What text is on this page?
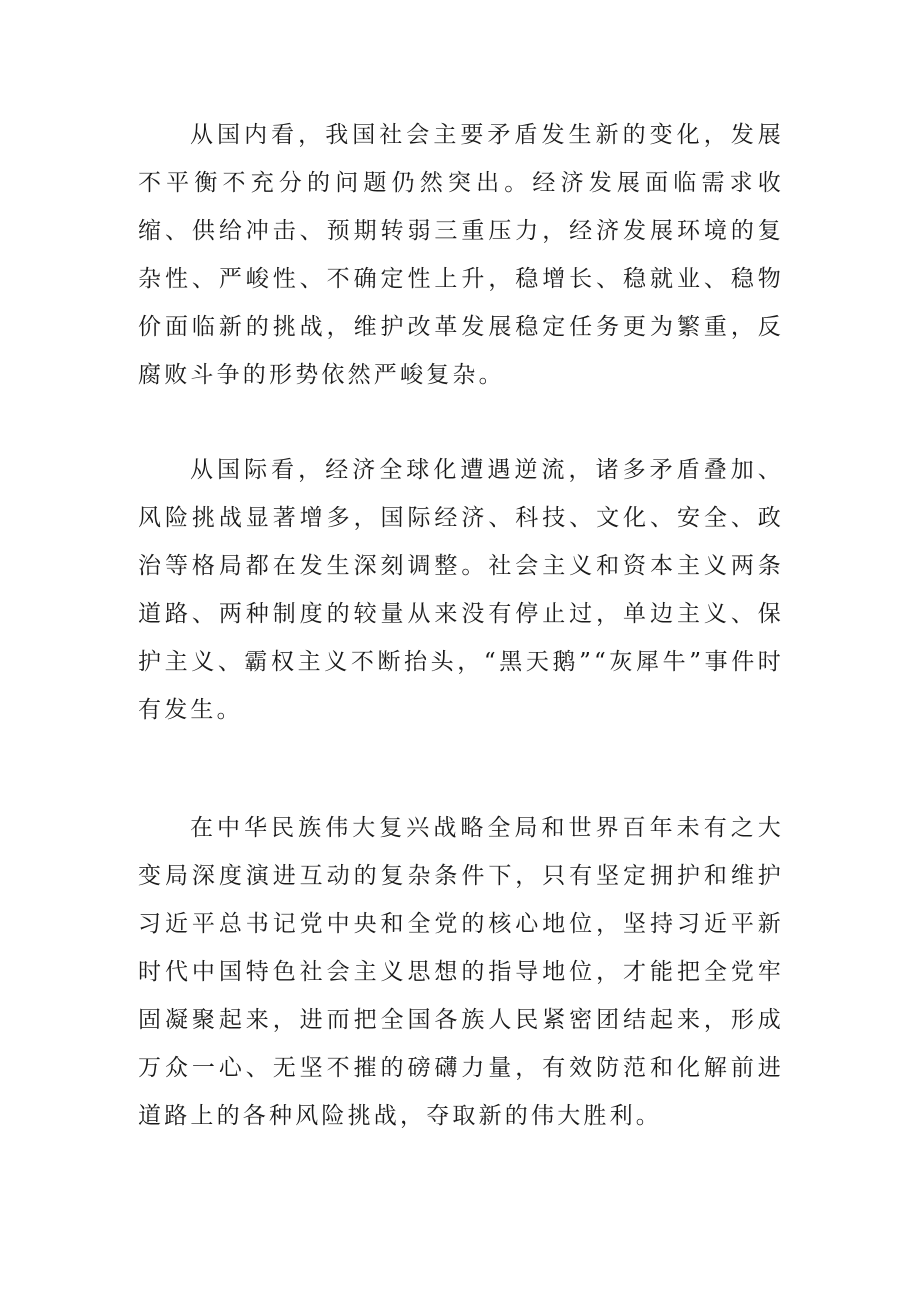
从国内看，我国社会主要矛盾发生新的变化，发展不平衡不充分的问题仍然突出。经济发展面临需求收缩、供给冲击、预期转弱三重压力，经济发展环境的复杂性、严峻性、不确定性上升，稳增长、稳就业、稳物价面临新的挑战，维护改革发展稳定任务更为繁重，反腐败斗争的形势依然严峻复杂。

从国际看，经济全球化遭遇逆流，诸多矛盾叠加、风险挑战显著增多，国际经济、科技、文化、安全、政治等格局都在发生深刻调整。社会主义和资本主义两条道路、两种制度的较量从来没有停止过，单边主义、保护主义、霸权主义不断抬头，“黑天鹅”“灰犀牛”事件时有发生。

在中华民族伟大复兴战略全局和世界百年未有之大变局深度演进互动的复杂条件下，只有坚定拥护和维护习近平总书记党中央和全党的核心地位，坚持习近平新时代中国特色社会主义思想的指导地位，才能把全党牢固凝聚起来，进而把全国各族人民紧密团结起来，形成万众一心、无坚不摧的磅礴力量，有效防范和化解前进道路上的各种风险挑战，夺取新的伟大胜利。
